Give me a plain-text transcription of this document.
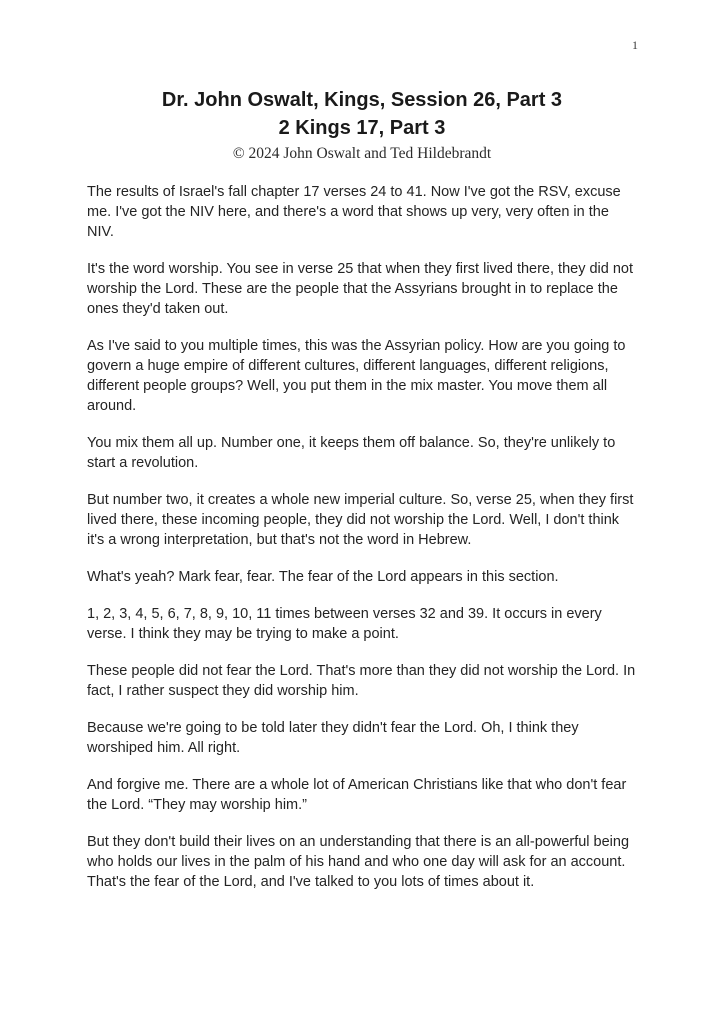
1
Dr. John Oswalt, Kings, Session 26, Part 3
2 Kings 17, Part 3
© 2024 John Oswalt and Ted Hildebrandt

The results of Israel's fall chapter 17 verses 24 to 41. Now I've got the RSV, excuse me. I've got the NIV here, and there's a word that shows up very, very often in the NIV.

It's the word worship. You see in verse 25 that when they first lived there, they did not worship the Lord. These are the people that the Assyrians brought in to replace the ones they'd taken out.

As I've said to you multiple times, this was the Assyrian policy. How are you going to govern a huge empire of different cultures, different languages, different religions, different people groups? Well, you put them in the mix master. You move them all around.

You mix them all up. Number one, it keeps them off balance. So, they're unlikely to start a revolution.

But number two, it creates a whole new imperial culture. So, verse 25, when they first lived there, these incoming people, they did not worship the Lord. Well, I don't think it's a wrong interpretation, but that's not the word in Hebrew.

What's yeah? Mark fear, fear. The fear of the Lord appears in this section.

1, 2, 3, 4, 5, 6, 7, 8, 9, 10, 11 times between verses 32 and 39. It occurs in every verse. I think they may be trying to make a point.

These people did not fear the Lord. That's more than they did not worship the Lord. In fact, I rather suspect they did worship him.

Because we're going to be told later they didn't fear the Lord. Oh, I think they worshiped him. All right.

And forgive me. There are a whole lot of American Christians like that who don't fear the Lord. “They may worship him.”

But they don't build their lives on an understanding that there is an all-powerful being who holds our lives in the palm of his hand and who one day will ask for an account. That's the fear of the Lord, and I've talked to you lots of times about it.
